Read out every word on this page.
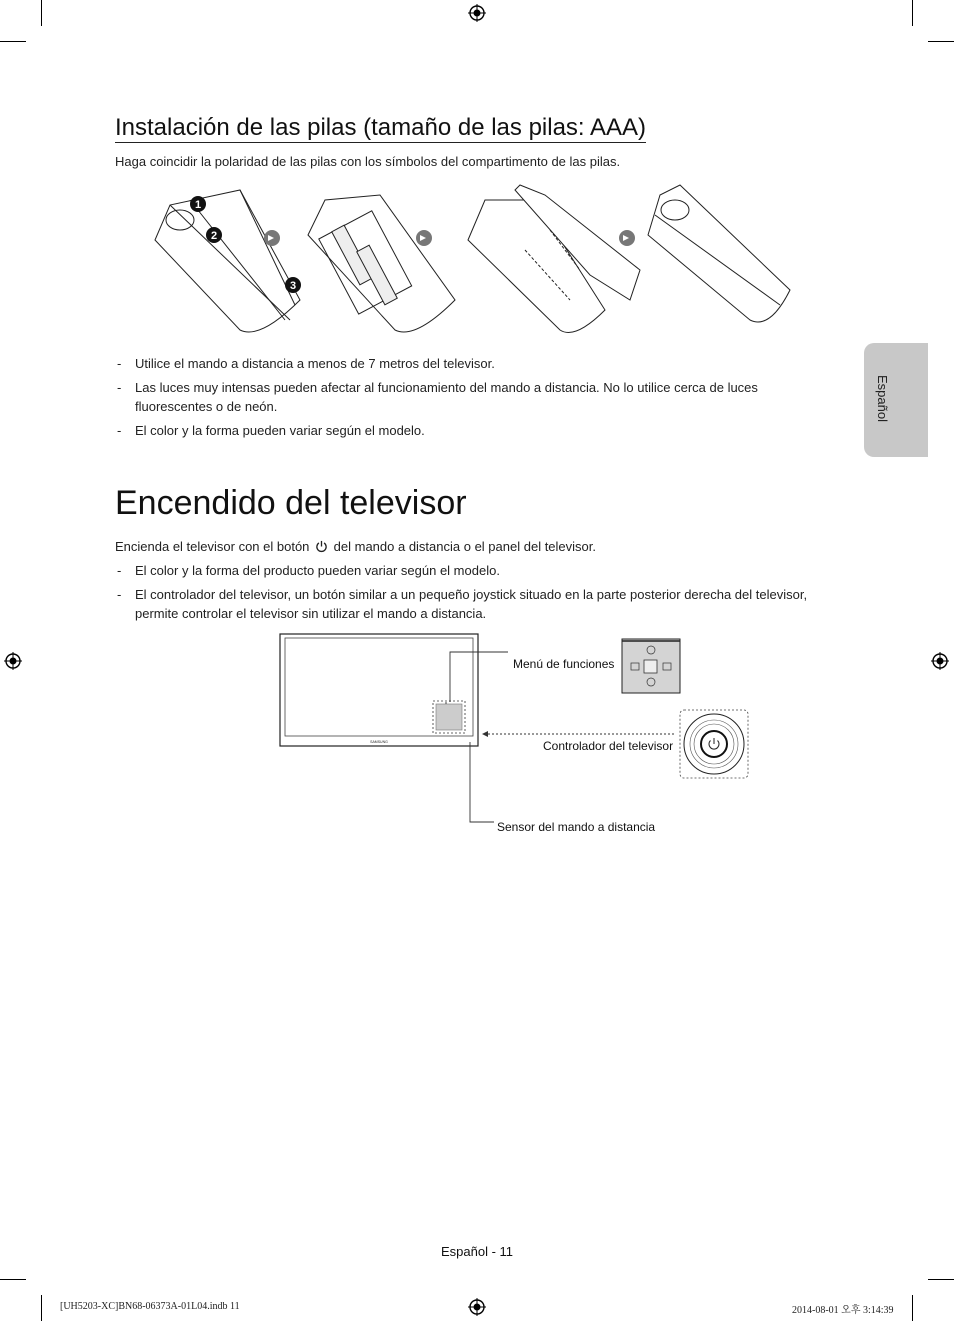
Español
Instalación de las pilas (tamaño de las pilas: AAA)
Haga coincidir la polaridad de las pilas con los símbolos del compartimento de las pilas.
1
2
3
- Utilice el mando a distancia a menos de 7 metros del televisor.
- Las luces muy intensas pueden afectar al funcionamiento del mando a distancia. No lo utilice cerca de luces fluorescentes o de neón.
- El color y la forma pueden variar según el modelo.
Encendido del televisor
Encienda el televisor con el botón del mando a distancia o el panel del televisor.
- El color y la forma del producto pueden variar según el modelo.
- El controlador del televisor, un botón similar a un pequeño joystick situado en la parte posterior derecha del televisor, permite controlar el televisor sin utilizar el mando a distancia.
SAMSUNG
Menú de funciones
Controlador del televisor
Sensor del mando a distancia
Español - 11
[UH5203-XC]BN68-06373A-01L04.indb 11	2014-08-01 오후 3:14:39
